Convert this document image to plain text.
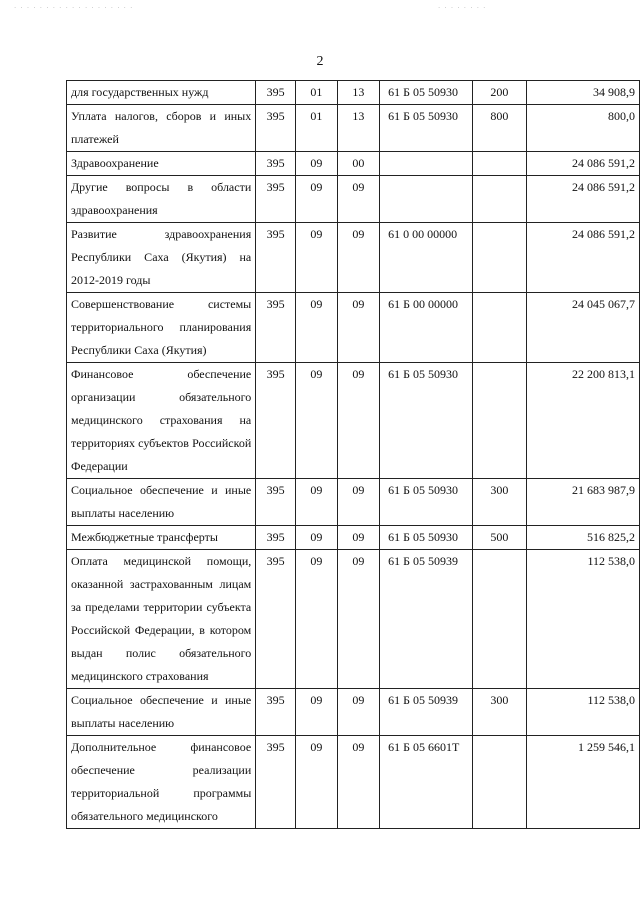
· · · · · · · · · · · · · · · · · · ·	· · · · · · · ·
2
для государственных нужд	395	01	13	61 Б 05 50930	200	34 908,9
Уплата налогов, сборов и иных платежей	395	01	13	61 Б 05 50930	800	800,0
Здравоохранение	395	09	00			24 086 591,2
Другие вопросы в области здравоохранения	395	09	09			24 086 591,2
Развитие здравоохранения Республики Саха (Якутия) на 2012-2019 годы	395	09	09	61 0 00 00000		24 086 591,2
Совершенствование системы территориального планирования Республики Саха (Якутия)	395	09	09	61 Б 00 00000		24 045 067,7
Финансовое обеспечение организации обязательного медицинского страхования на территориях субъектов Российской Федерации	395	09	09	61 Б 05 50930		22 200 813,1
Социальное обеспечение и иные выплаты населению	395	09	09	61 Б 05 50930	300	21 683 987,9
Межбюджетные трансферты	395	09	09	61 Б 05 50930	500	516 825,2
Оплата медицинской помощи, оказанной застрахованным лицам за пределами территории субъекта Российской Федерации, в котором выдан полис обязательного медицинского страхования	395	09	09	61 Б 05 50939		112 538,0
Социальное обеспечение и иные выплаты населению	395	09	09	61 Б 05 50939	300	112 538,0
Дополнительное финансовое обеспечение реализации территориальной программы обязательного медицинского	395	09	09	61 Б 05 6601Т		1 259 546,1
